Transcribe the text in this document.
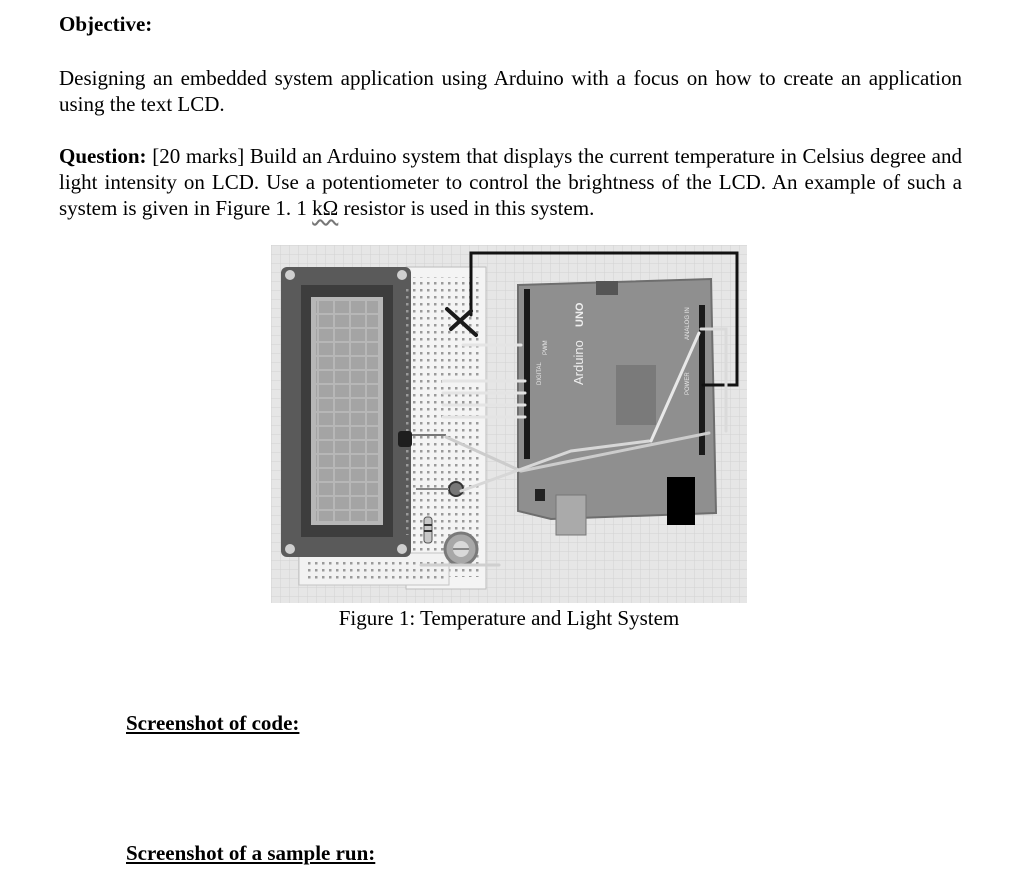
Objective:
Designing an embedded system application using Arduino with a focus on how to create an application using the text LCD.
Question: [20 marks] Build an Arduino system that displays the current temperature in Celsius degree and light intensity on LCD. Use a potentiometer to control the brightness of the LCD. An example of such a system is given in Figure 1. 1 kΩ resistor is used in this system.
Arduino
UNO
DIGITAL
PWM
ANALOG IN
POWER
Figure 1: Temperature and Light System
Screenshot of code:
Screenshot of a sample run:
